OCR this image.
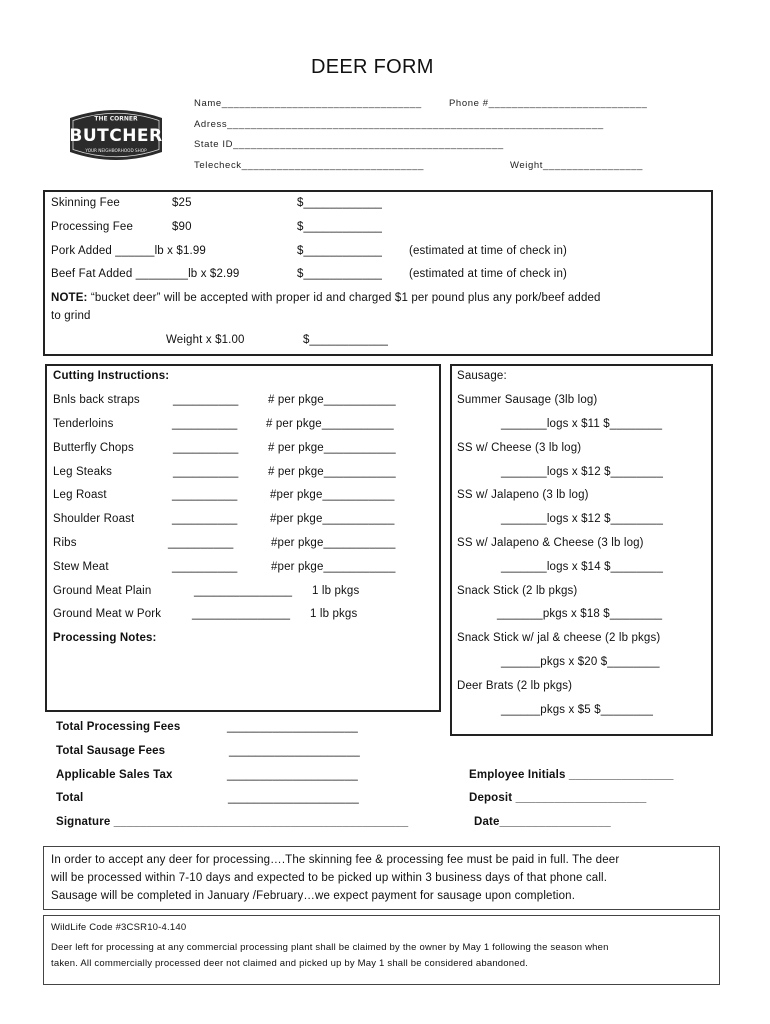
DEER FORM
THE CORNER
BUTCHER
YOUR NEIGHBORHOOD SHOP
Name__________________________________	Phone #___________________________
Adress________________________________________________________________
State ID______________________________________________
Telecheck_______________________________	Weight_________________
Skinning Fee	$25	$____________
Processing Fee	$90	$____________
Pork Added ______lb x $1.99	$____________ (estimated at time of check in)
Beef Fat Added ________lb x $2.99	$____________ (estimated at time of check in)
NOTE: “bucket deer” will be accepted with proper id and charged $1 per pound plus any pork/beef added
to grind
Weight x $1.00	$____________
Cutting Instructions:
Bnls back straps	__________	# per pkge___________
Tenderloins	__________ # per pkge___________
Butterfly Chops	__________	# per pkge___________
Leg Steaks	__________	# per pkge___________
Leg Roast	__________	#per pkge___________
Shoulder Roast	__________	#per pkge___________
Ribs	__________	#per pkge___________
Stew Meat	__________	#per pkge___________
Ground Meat Plain	_______________ 1 lb pkgs
Ground Meat w Pork	_______________ 1 lb pkgs
Processing Notes:
Sausage:
Summer Sausage (3lb log)
_______logs x $11 $________
SS w/ Cheese (3 lb log)
_______logs x $12 $________
SS w/ Jalapeno (3 lb log)
_______logs x $12 $________
SS w/ Jalapeno & Cheese (3 lb log)
_______logs x $14 $________
Snack Stick (2 lb pkgs)
_______pkgs x $18 $________
Snack Stick w/ jal & cheese (2 lb pkgs)
______pkgs x $20 $________
Deer Brats (2 lb pkgs)
______pkgs x $5 $________
Total Processing Fees	____________________
Total Sausage Fees	____________________
Applicable Sales Tax	____________________
Total	____________________
Signature _____________________________________________
Employee Initials ________________
Deposit ____________________
Date_________________
In order to accept any deer for processing….The skinning fee & processing fee must be paid in full. The deer
will be processed within 7-10 days and expected to be picked up within 3 business days of that phone call.
Sausage will be completed in January /February…we expect payment for sausage upon completion.
WildLife Code #3CSR10-4.140
Deer left for processing at any commercial processing plant shall be claimed by the owner by May 1 following the season when
taken. All commercially processed deer not claimed and picked up by May 1 shall be considered abandoned.
